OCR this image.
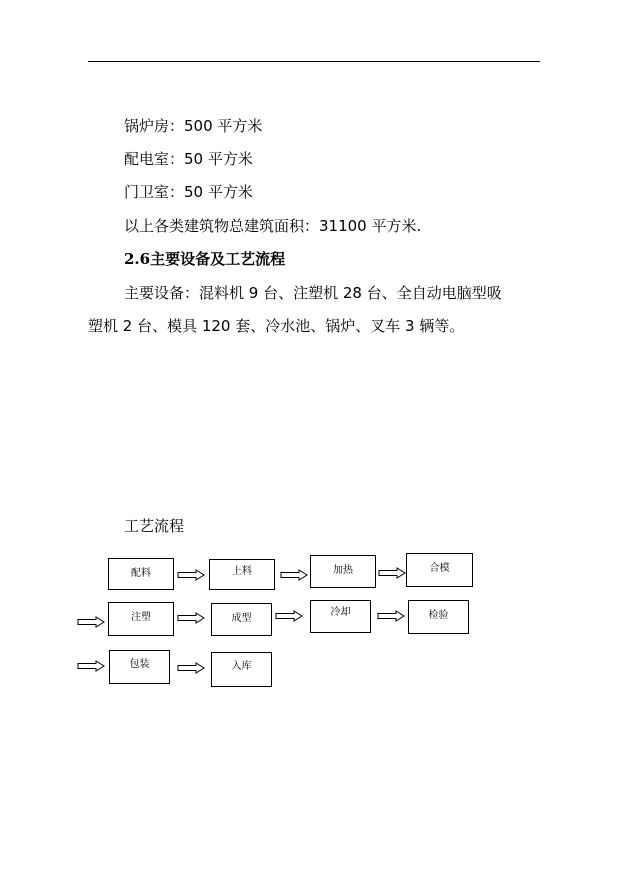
锅炉房：500 平方米
配电室：50 平方米
门卫室：50 平方米
以上各类建筑物总建筑面积：31100 平方米.
2.6主要设备及工艺流程
主要设备：混料机 9 台、注塑机 28 台、全自动电脑型吸
塑机 2 台、模具 120 套、冷水池、锅炉、叉车 3 辆等。
工艺流程
配料	上料	加热	合模
注塑	成型
冷却	检验
包装	入库
